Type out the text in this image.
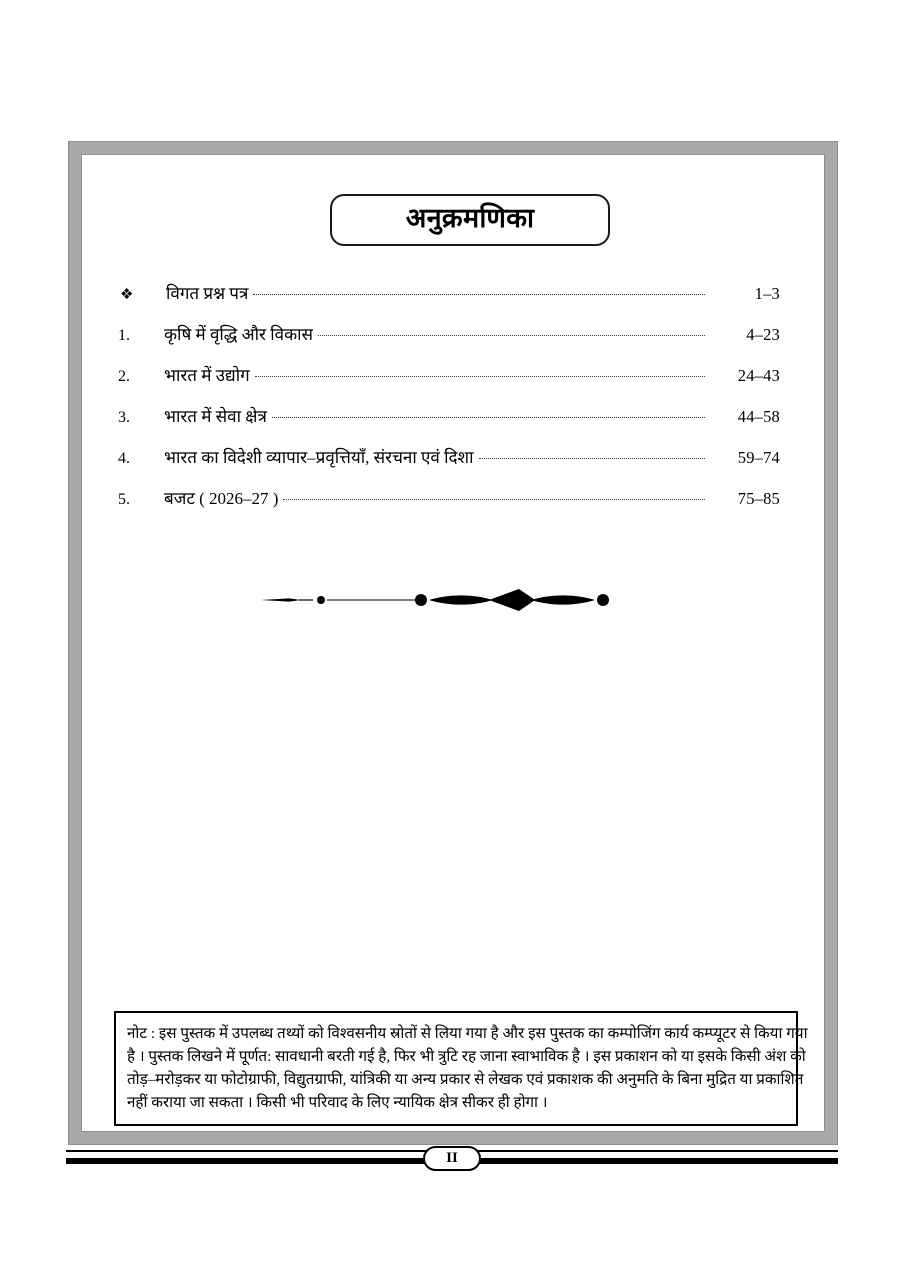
अनुक्रमणिका
❖	विगत प्रश्न पत्र	1–3
1.	कृषि में वृद्धि और विकास	4–23
2.	भारत में उद्योग	24–43
3.	भारत में सेवा क्षेत्र	44–58
4.	भारत का विदेशी व्यापार–प्रवृत्तियाँ, संरचना एवं दिशा	59–74
5.	बजट ( 2026–27 )	75–85
नोट : इस पुस्तक में उपलब्ध तथ्यों को विश्वसनीय स्रोतों से लिया गया है और इस पुस्तक का कम्पोजिंग कार्य कम्प्यूटर से किया गया
है । पुस्तक लिखने में पूर्णत: सावधानी बरती गई है, फिर भी त्रुटि रह जाना स्वाभाविक है । इस प्रकाशन को या इसके किसी अंश को
तोड़–मरोड़कर या फोटोग्राफी, विद्युतग्राफी, यांत्रिकी या अन्य प्रकार से लेखक एवं प्रकाशक की अनुमति के बिना मुद्रित या प्रकाशित
नहीं कराया जा सकता । किसी भी परिवाद के लिए न्यायिक क्षेत्र सीकर ही होगा ।
II
